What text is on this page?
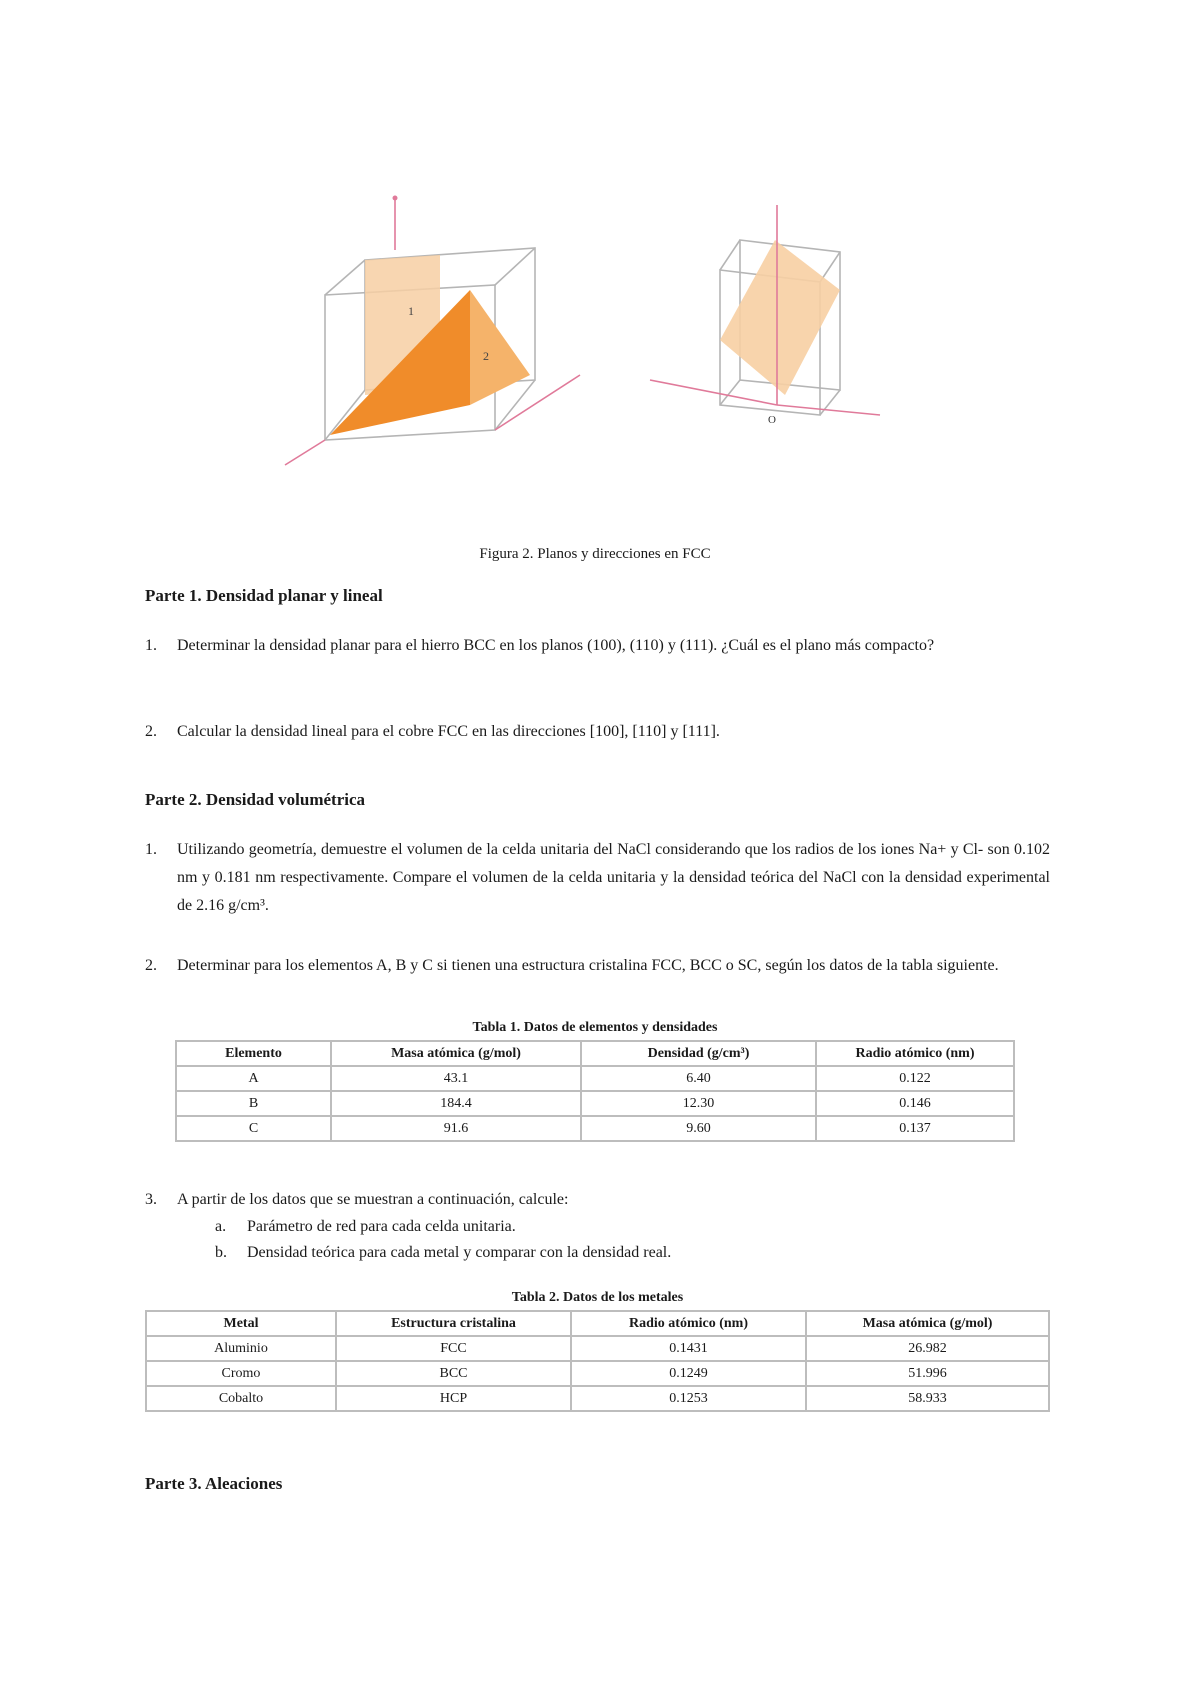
1
2
O
Figura 2. Planos y direcciones en FCC
Parte 1. Densidad planar y lineal
1.	Determinar la densidad planar para el hierro BCC en los planos (100), (110) y (111). ¿Cuál es el plano más compacto?
2.	Calcular la densidad lineal para el cobre FCC en las direcciones [100], [110] y [111].
Parte 2. Densidad volumétrica
1.	Utilizando geometría, demuestre el volumen de la celda unitaria del NaCl considerando que los radios de los iones Na+ y Cl- son 0.102 nm y 0.181 nm respectivamente. Compare el volumen de la celda unitaria y la densidad teórica del NaCl con la densidad experimental de 2.16 g/cm³.
2.	Determinar para los elementos A, B y C si tienen una estructura cristalina FCC, BCC o SC, según los datos de la tabla siguiente.
Tabla 1. Datos de elementos y densidades
Elemento	Masa atómica (g/mol)	Densidad (g/cm³)	Radio atómico (nm)
A	43.1	6.40	0.122
B	184.4	12.30	0.146
C	91.6	9.60	0.137
3.	A partir de los datos que se muestran a continuación, calcule:
a. Parámetro de red para cada celda unitaria.
b. Densidad teórica para cada metal y comparar con la densidad real.
Tabla 2. Datos de los metales
Metal	Estructura cristalina	Radio atómico (nm)	Masa atómica (g/mol)
Aluminio	FCC	0.1431	26.982
Cromo	BCC	0.1249	51.996
Cobalto	HCP	0.1253	58.933
Parte 3. Aleaciones
